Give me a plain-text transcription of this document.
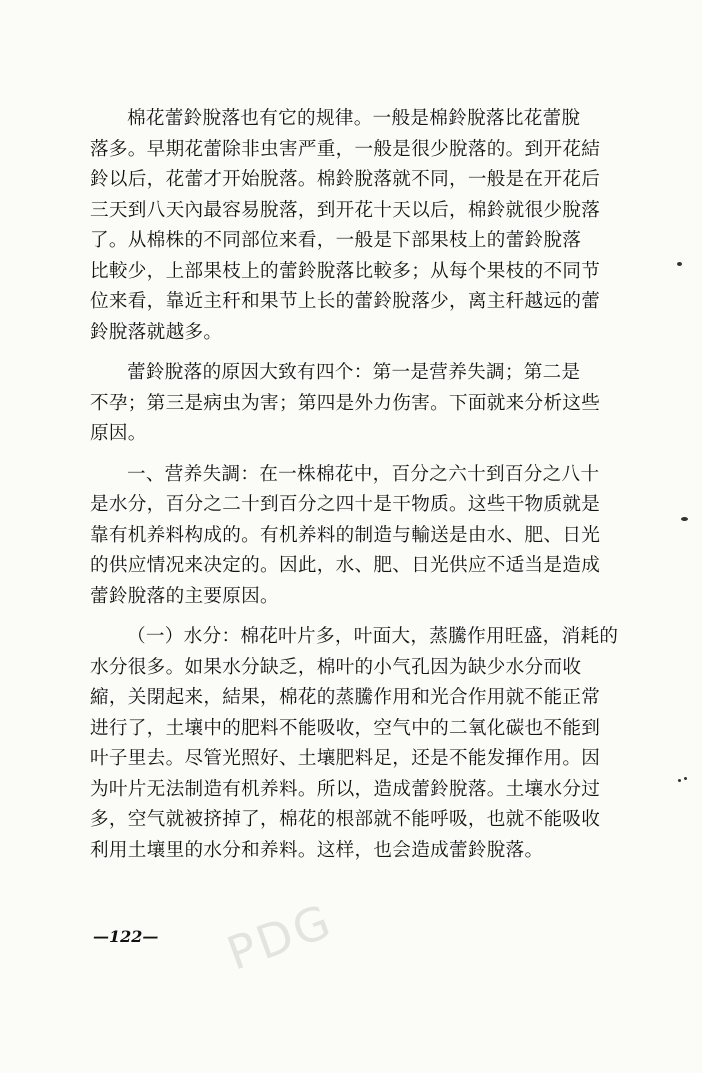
棉花蕾鈴脫落也有它的规律。一般是棉鈴脫落比花蕾脫
落多。早期花蕾除非虫害严重，一般是很少脫落的。到开花結
鈴以后，花蕾才开始脫落。棉鈴脫落就不同，一般是在开花后
三天到八天內最容易脫落，到开花十天以后，棉鈴就很少脫落
了。从棉株的不同部位来看，一般是下部果枝上的蕾鈴脫落
比較少，上部果枝上的蕾鈴脫落比較多；从每个果枝的不同节
位来看，靠近主秆和果节上长的蕾鈴脫落少，离主秆越远的蕾
鈴脫落就越多。

蕾鈴脫落的原因大致有四个：第一是营养失調；第二是
不孕；第三是病虫为害；第四是外力伤害。下面就来分析这些
原因。

一、营养失調：在一株棉花中，百分之六十到百分之八十
是水分，百分之二十到百分之四十是干物质。这些干物质就是
靠有机养料构成的。有机养料的制造与輸送是由水、肥、日光
的供应情况来决定的。因此，水、肥、日光供应不适当是造成
蕾鈴脫落的主要原因。

（一）水分：棉花叶片多，叶面大，蒸騰作用旺盛，消耗的
水分很多。如果水分缺乏，棉叶的小气孔因为缺少水分而收
縮，关閉起来，結果，棉花的蒸騰作用和光合作用就不能正常
进行了，土壤中的肥料不能吸收，空气中的二氧化碳也不能到
叶子里去。尽管光照好、土壤肥料足，还是不能发揮作用。因
为叶片无法制造有机养料。所以，造成蕾鈴脫落。土壤水分过
多，空气就被挤掉了，棉花的根部就不能呼吸，也就不能吸收
利用土壤里的水分和养料。这样，也会造成蕾鈴脫落。

—122— PDG
